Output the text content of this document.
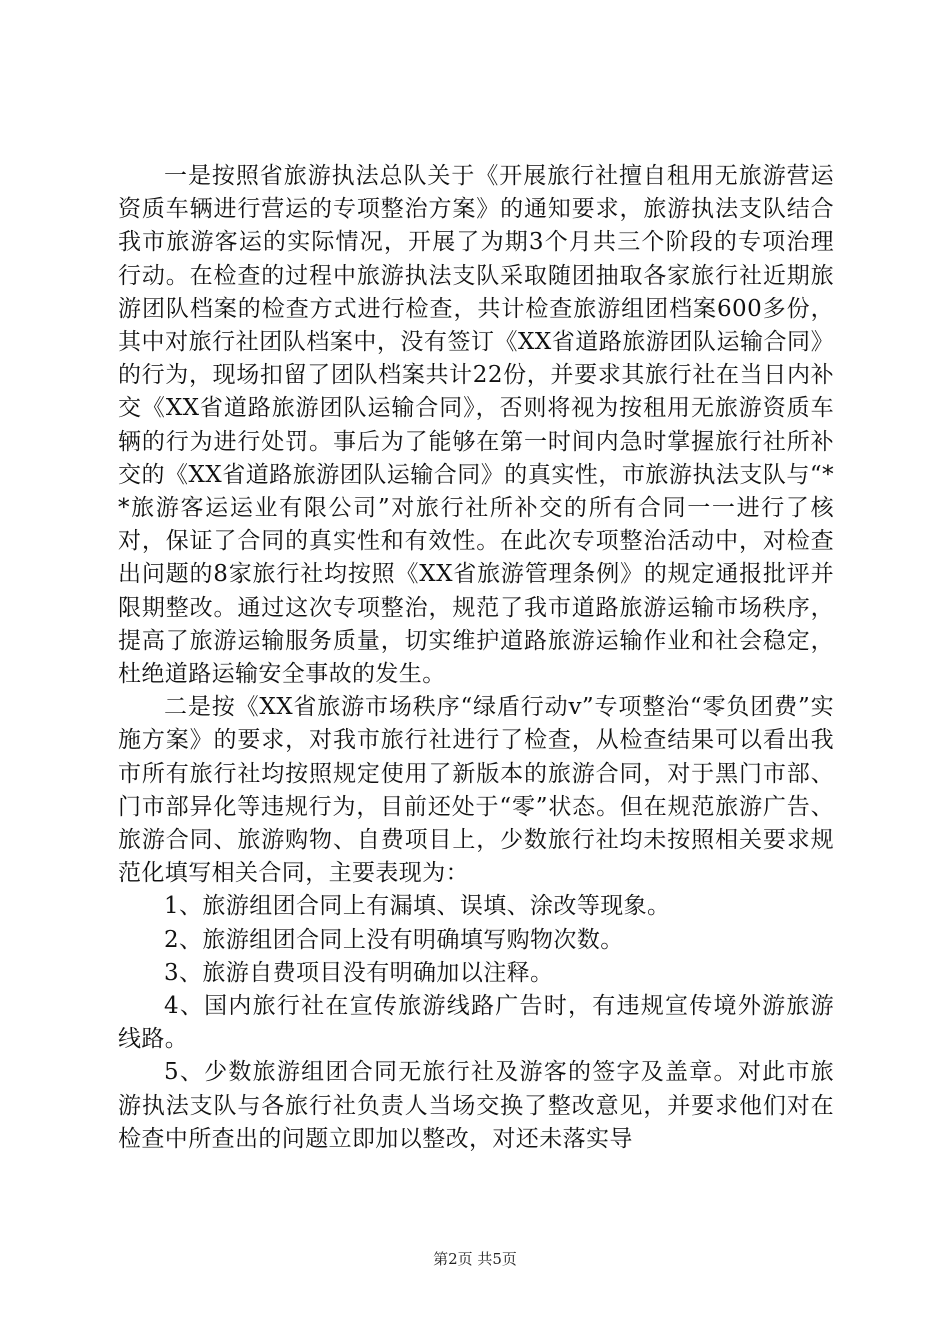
一是按照省旅游执法总队关于《开展旅行社擅自租用无旅游营运资质车辆进行营运的专项整治方案》的通知要求，旅游执法支队结合我市旅游客运的实际情况，开展了为期3个月共三个阶段的专项治理行动。在检查的过程中旅游执法支队采取随团抽取各家旅行社近期旅游团队档案的检查方式进行检查，共计检查旅游组团档案600多份，其中对旅行社团队档案中，没有签订《XX省道路旅游团队运输合同》的行为，现场扣留了团队档案共计22份，并要求其旅行社在当日内补交《XX省道路旅游团队运输合同》，否则将视为按租用无旅游资质车辆的行为进行处罚。事后为了能够在第一时间内急时掌握旅行社所补交的《XX省道路旅游团队运输合同》的真实性，市旅游执法支队与“**旅游客运运业有限公司”对旅行社所补交的所有合同一一进行了核对，保证了合同的真实性和有效性。在此次专项整治活动中，对检查出问题的8家旅行社均按照《XX省旅游管理条例》的规定通报批评并限期整改。通过这次专项整治，规范了我市道路旅游运输市场秩序，提高了旅游运输服务质量，切实维护道路旅游运输作业和社会稳定，杜绝道路运输安全事故的发生。

二是按《XX省旅游市场秩序“绿盾行动v”专项整治“零负团费”实施方案》的要求，对我市旅行社进行了检查，从检查结果可以看出我市所有旅行社均按照规定使用了新版本的旅游合同，对于黑门市部、门市部异化等违规行为，目前还处于“零”状态。但在规范旅游广告、旅游合同、旅游购物、自费项目上，少数旅行社均未按照相关要求规范化填写相关合同，主要表现为：

1、旅游组团合同上有漏填、误填、涂改等现象。

2、旅游组团合同上没有明确填写购物次数。

3、旅游自费项目没有明确加以注释。

4、国内旅行社在宣传旅游线路广告时，有违规宣传境外游旅游线路。

5、少数旅游组团合同无旅行社及游客的签字及盖章。对此市旅游执法支队与各旅行社负责人当场交换了整改意见，并要求他们对在检查中所查出的问题立即加以整改，对还未落实导

第2页 共5页
